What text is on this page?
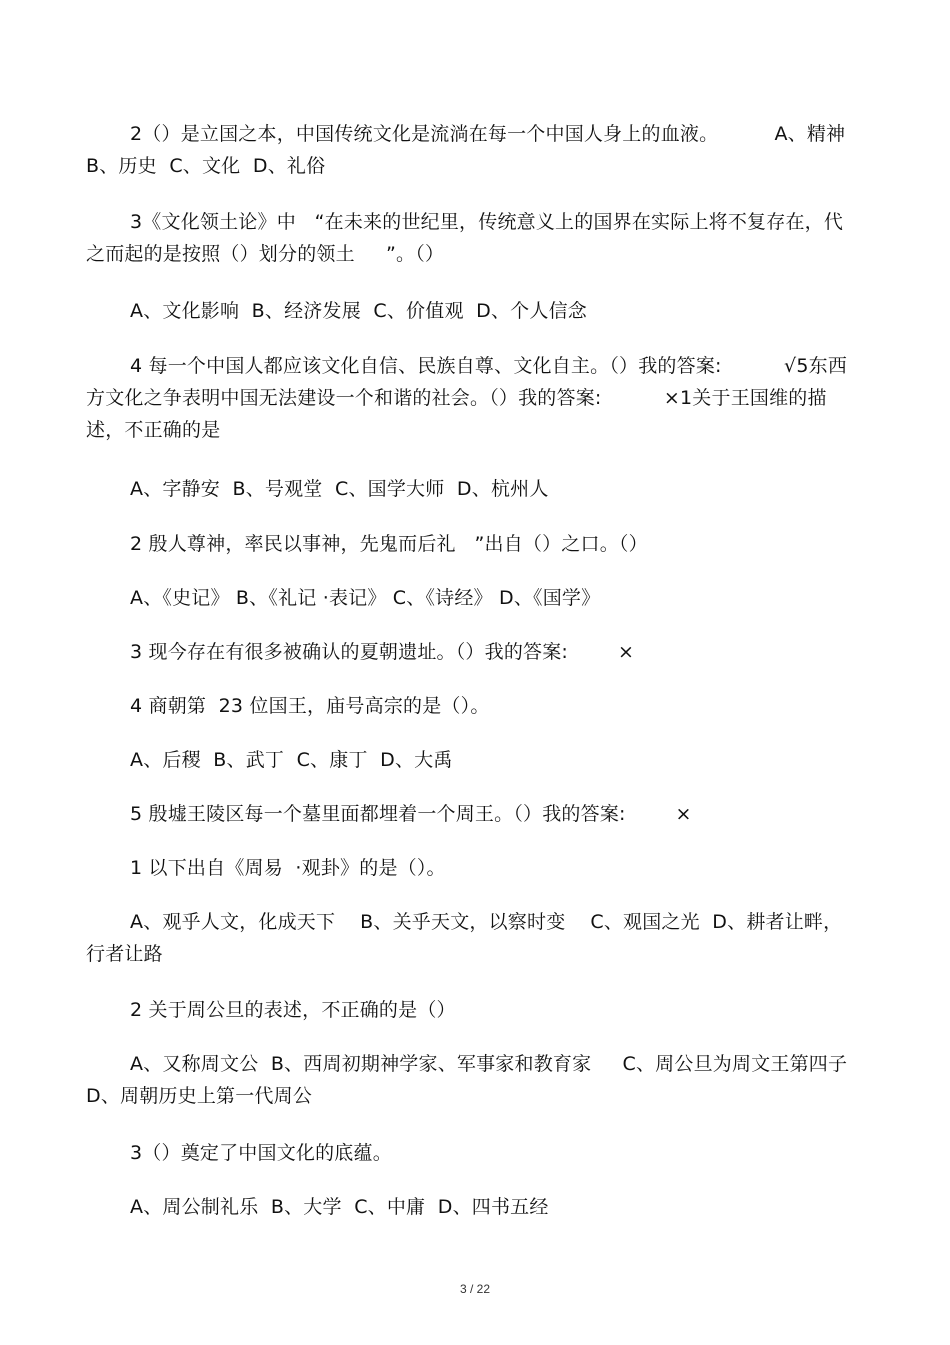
2（）是立国之本，中国传统文化是流淌在每一个中国人身上的血液。         A、精神  B、历史  C、文化  D、礼俗

3《文化领土论》中   “在未来的世纪里，传统意义上的国界在实际上将不复存在，代之而起的是按照（）划分的领土     ”。（）

A、文化影响  B、经济发展  C、价值观  D、个人信念

4 每一个中国人都应该文化自信、民族自尊、文化自主。（）我的答案:          √5东西方文化之争表明中国无法建设一个和谐的社会。（）我的答案:          ×1关于王国维的描述，不正确的是

A、字静安  B、号观堂  C、国学大师  D、杭州人

2 殷人尊神，率民以事神，先鬼而后礼   ”出自（）之口。（）

A、《史记》 B、《礼记 ·表记》 C、《诗经》 D、《国学》

3 现今存在有很多被确认的夏朝遗址。（）我的答案:        ×

4 商朝第  23 位国王，庙号高宗的是（）。

A、后稷  B、武丁  C、康丁  D、大禹

5 殷墟王陵区每一个墓里面都埋着一个周王。（）我的答案:        ×

1 以下出自《周易  ·观卦》的是（）。

A、观乎人文，化成天下    B、关乎天文，以察时变    C、观国之光  D、耕者让畔，行者让路

2 关于周公旦的表述，不正确的是（）

A、又称周文公  B、西周初期神学家、军事家和教育家     C、周公旦为周文王第四子  D、周朝历史上第一代周公

3（）奠定了中国文化的底蕴。

A、周公制礼乐  B、大学  C、中庸  D、四书五经

3 / 22
